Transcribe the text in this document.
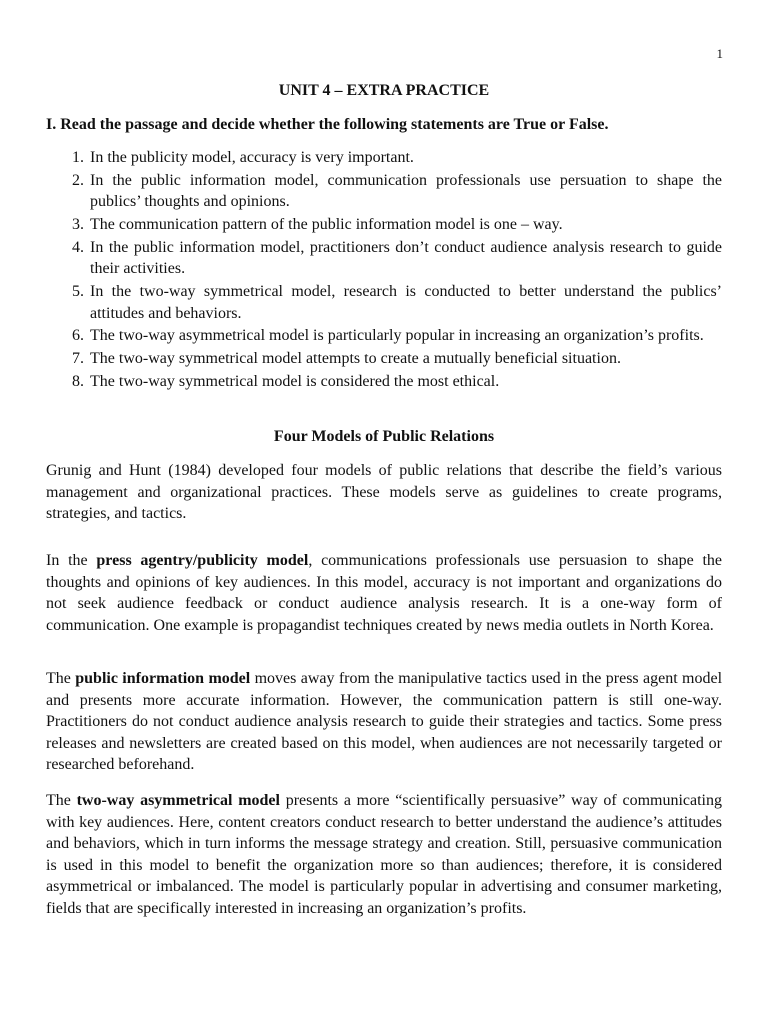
1
UNIT 4 – EXTRA PRACTICE
I. Read the passage and decide whether the following statements are True or False.
1. In the publicity model, accuracy is very important.
2. In the public information model, communication professionals use persuation to shape the publics’ thoughts and opinions.
3. The communication pattern of the public information model is one – way.
4. In the public information model, practitioners don’t conduct audience analysis research to guide their activities.
5. In the two-way symmetrical model, research is conducted to better understand the publics’ attitudes and behaviors.
6. The two-way asymmetrical model is particularly popular in increasing an organization’s profits.
7. The two-way symmetrical model attempts to create a mutually beneficial situation.
8. The two-way symmetrical model is considered the most ethical.
Four Models of Public Relations

Grunig and Hunt (1984) developed four models of public relations that describe the field’s various management and organizational practices. These models serve as guidelines to create programs, strategies, and tactics.

In the press agentry/publicity model, communications professionals use persuasion to shape the thoughts and opinions of key audiences. In this model, accuracy is not important and organizations do not seek audience feedback or conduct audience analysis research. It is a one-way form of communication. One example is propagandist techniques created by news media outlets in North Korea.

The public information model moves away from the manipulative tactics used in the press agent model and presents more accurate information. However, the communication pattern is still one-way. Practitioners do not conduct audience analysis research to guide their strategies and tactics. Some press releases and newsletters are created based on this model, when audiences are not necessarily targeted or researched beforehand.

The two-way asymmetrical model presents a more “scientifically persuasive” way of communicating with key audiences. Here, content creators conduct research to better understand the audience’s attitudes and behaviors, which in turn informs the message strategy and creation. Still, persuasive communication is used in this model to benefit the organization more so than audiences; therefore, it is considered asymmetrical or imbalanced. The model is particularly popular in advertising and consumer marketing, fields that are specifically interested in increasing an organization’s profits.
